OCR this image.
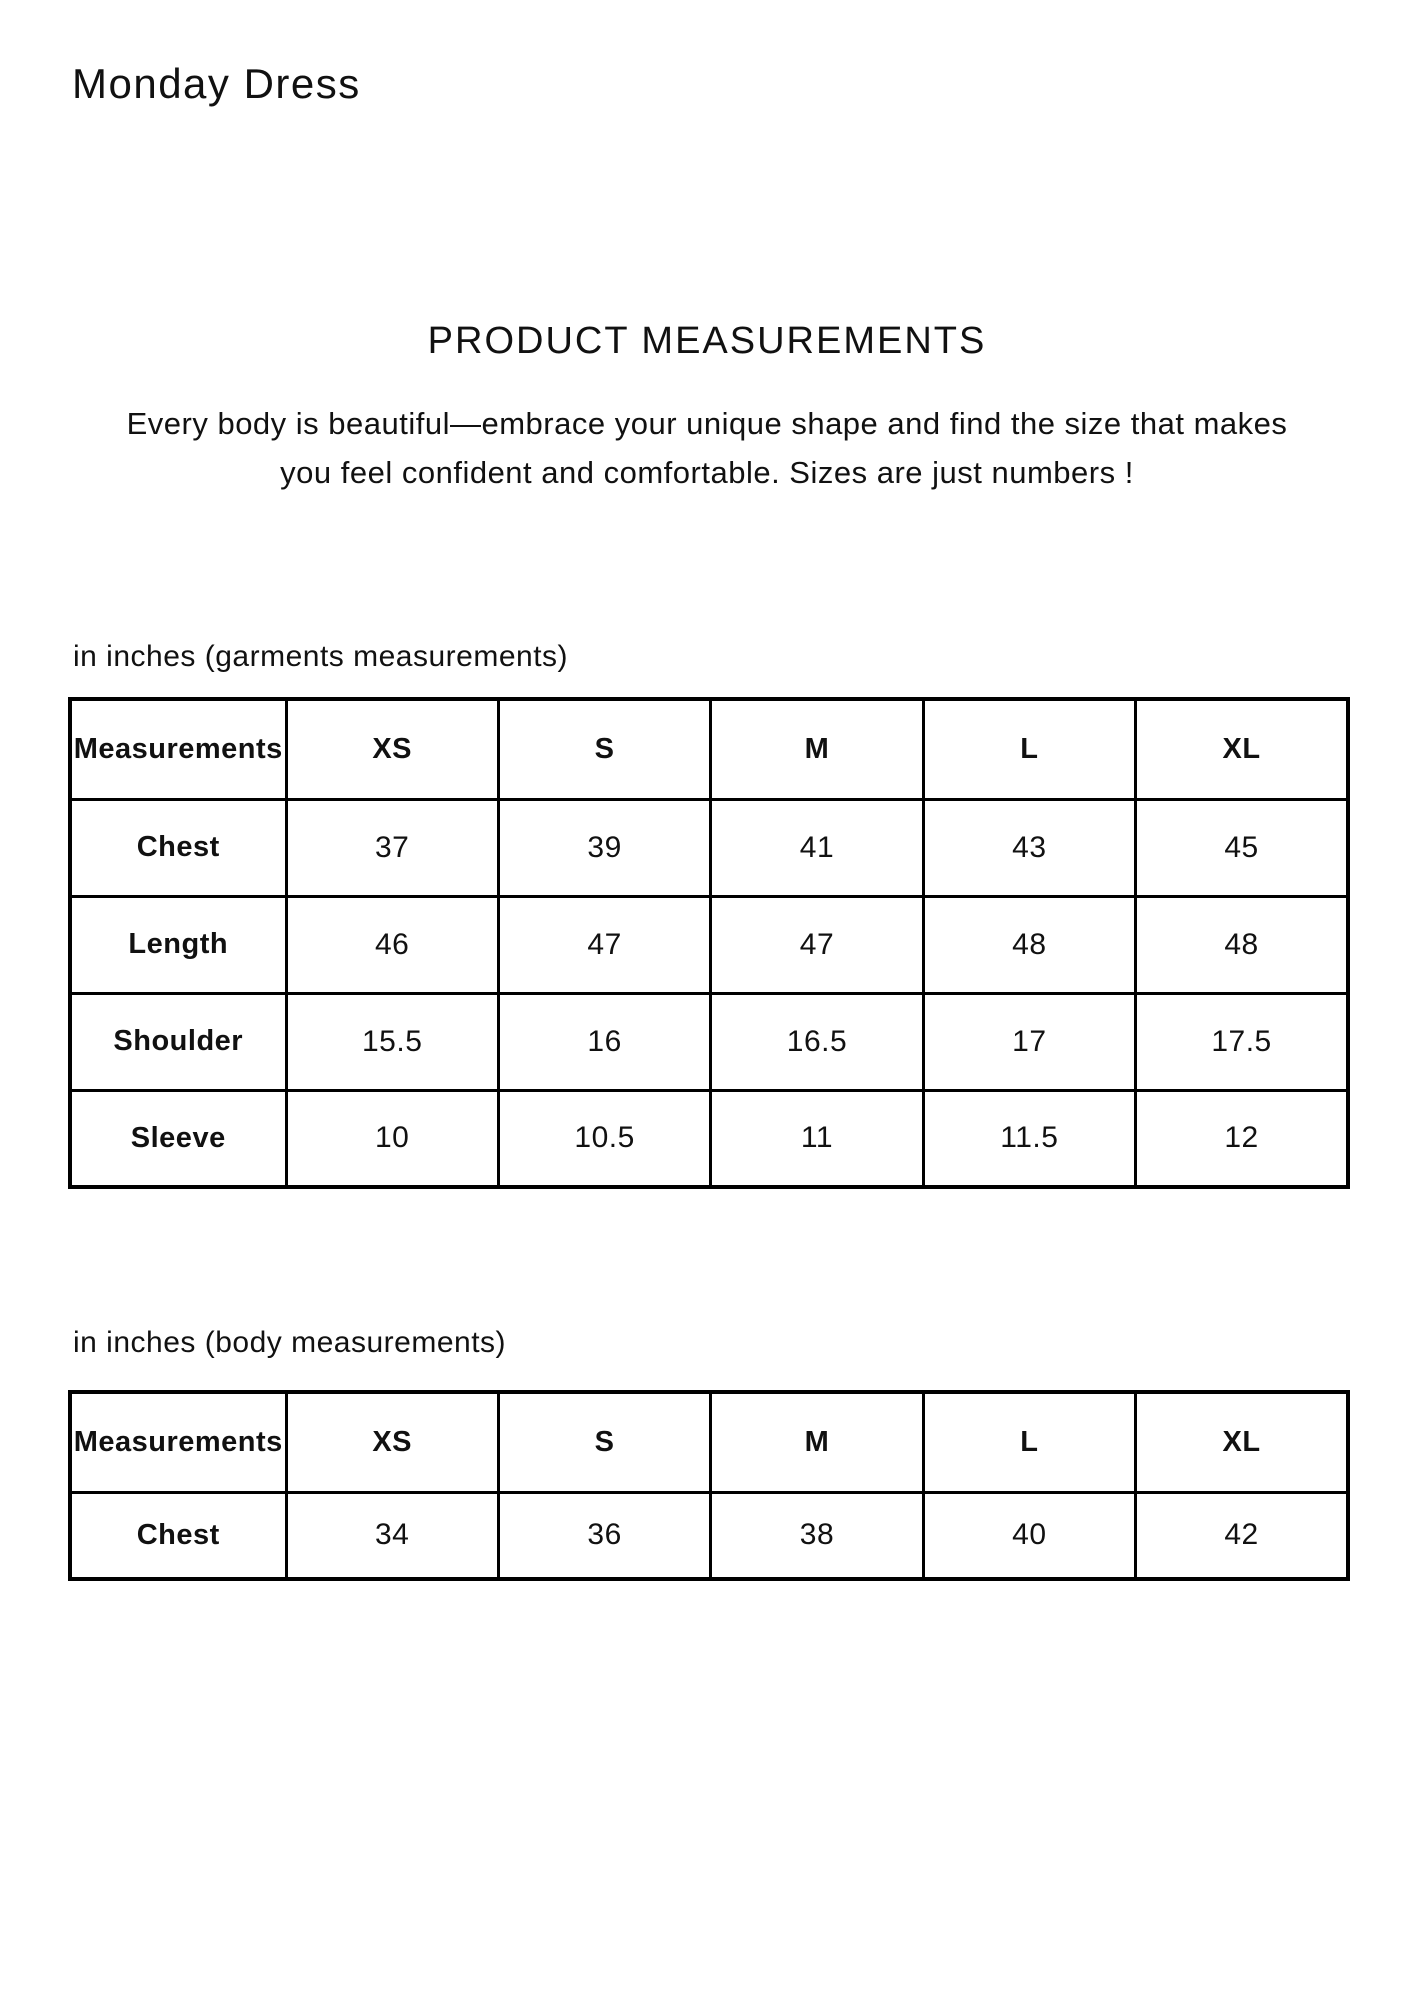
Monday Dress
PRODUCT MEASUREMENTS
Every body is beautiful—embrace your unique shape and find the size that makes you feel confident and comfortable. Sizes are just numbers !
in inches (garments measurements)
Measurements	XS	S	M	L	XL
Chest	37	39	41	43	45
Length	46	47	47	48	48
Shoulder	15.5	16	16.5	17	17.5
Sleeve	10	10.5	11	11.5	12
in inches (body measurements)
Measurements	XS	S	M	L	XL
Chest	34	36	38	40	42
